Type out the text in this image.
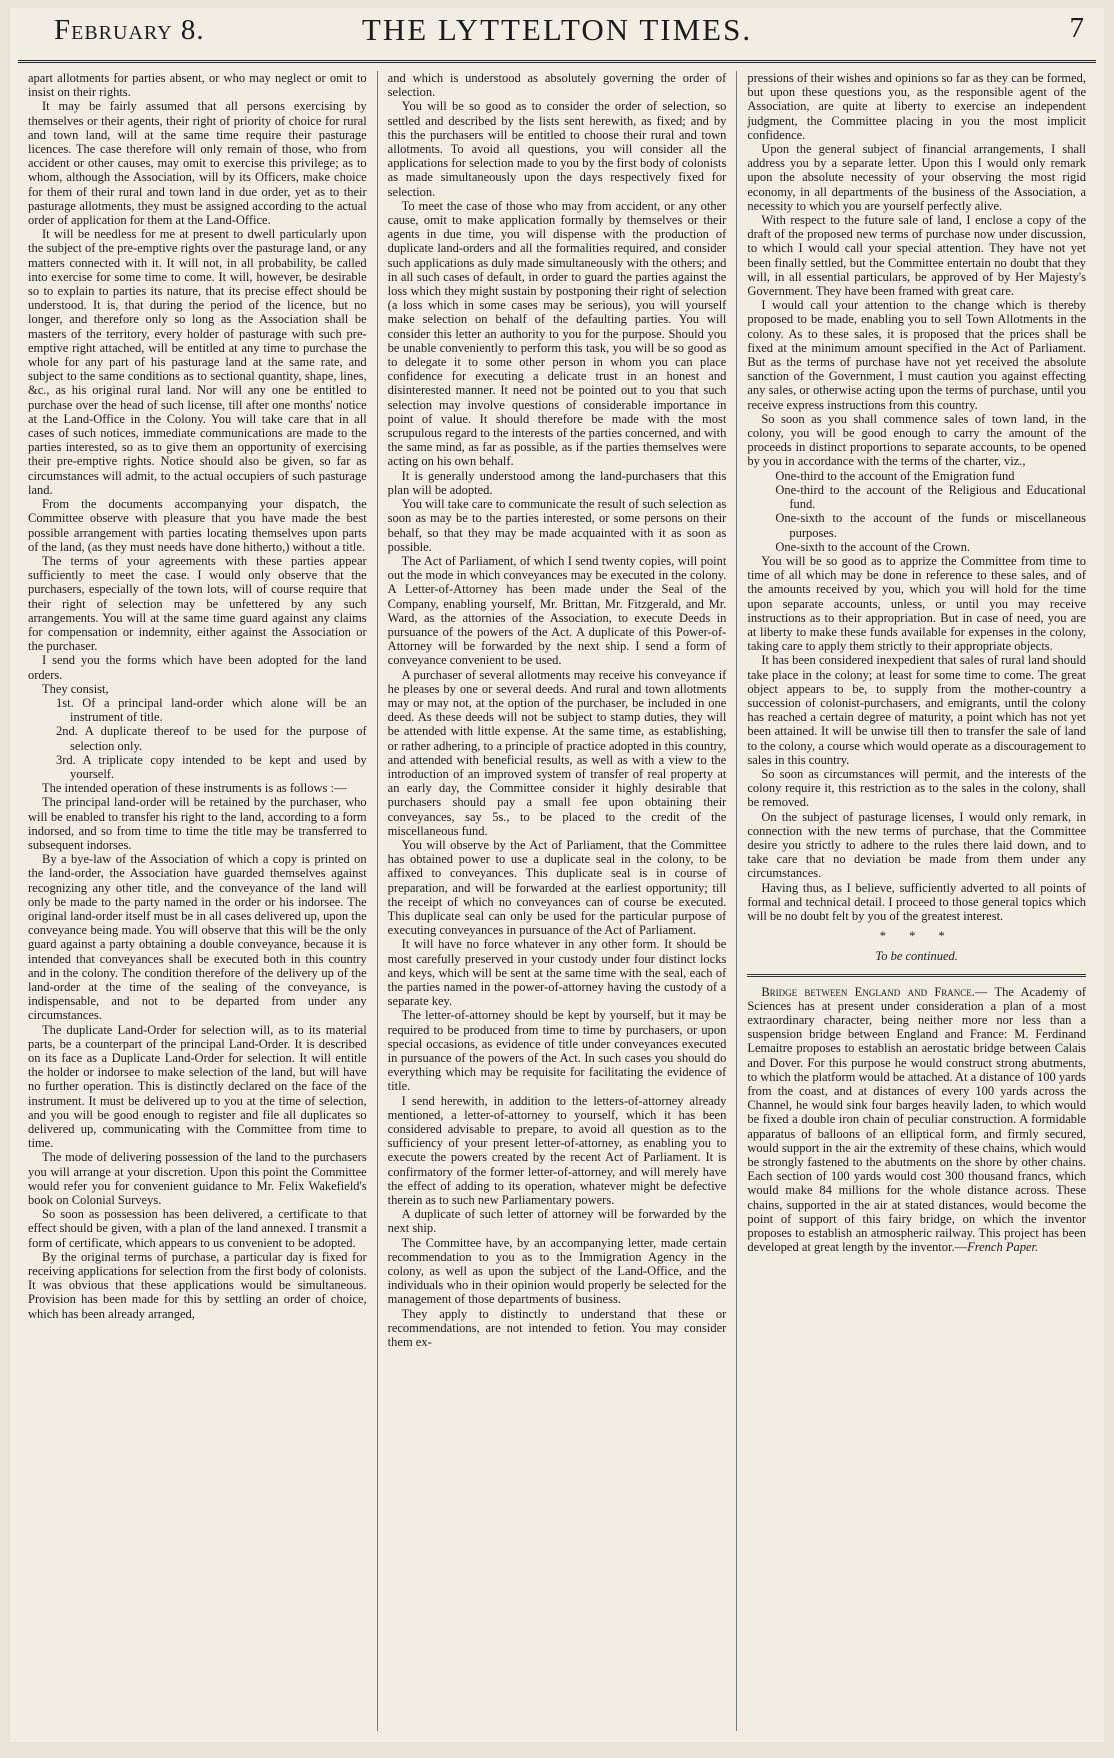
February 8.	THE LYTTELTON TIMES.	7

apart allotments for parties absent, or who may neglect or omit to insist on their rights.

It may be fairly assumed that all persons exercising by themselves or their agents, their right of priority of choice for rural and town land, will at the same time require their pasturage licences. The case therefore will only remain of those, who from accident or other causes, may omit to exercise this privilege; as to whom, although the Association, will by its Officers, make choice for them of their rural and town land in due order, yet as to their pasturage allotments, they must be assigned according to the actual order of application for them at the Land-Office.

It will be needless for me at present to dwell particularly upon the subject of the pre-emptive rights over the pasturage land, or any matters connected with it. It will not, in all probability, be called into exercise for some time to come. It will, however, be desirable so to explain to parties its nature, that its precise effect should be understood. It is, that during the period of the licence, but no longer, and therefore only so long as the Association shall be masters of the territory, every holder of pasturage with such pre-emptive right attached, will be entitled at any time to purchase the whole for any part of his pasturage land at the same rate, and subject to the same conditions as to sectional quantity, shape, lines, &c., as his original rural land. Nor will any one be entitled to purchase over the head of such license, till after one months' notice at the Land-Office in the Colony. You will take care that in all cases of such notices, immediate communications are made to the parties interested, so as to give them an opportunity of exercising their pre-emptive rights. Notice should also be given, so far as circumstances will admit, to the actual occupiers of such pasturage land.

From the documents accompanying your dispatch, the Committee observe with pleasure that you have made the best possible arrangement with parties locating themselves upon parts of the land, (as they must needs have done hitherto,) without a title.

The terms of your agreements with these parties appear sufficiently to meet the case. I would only observe that the purchasers, especially of the town lots, will of course require that their right of selection may be unfettered by any such arrangements. You will at the same time guard against any claims for compensation or indemnity, either against the Association or the purchaser.

I send you the forms which have been adopted for the land orders.

They consist,

1st. Of a principal land-order which alone will be an instrument of title.

2nd. A duplicate thereof to be used for the purpose of selection only.

3rd. A triplicate copy intended to be kept and used by yourself.

The intended operation of these instruments is as follows :—

The principal land-order will be retained by the purchaser, who will be enabled to transfer his right to the land, according to a form indorsed, and so from time to time the title may be transferred to subsequent indorses.

By a bye-law of the Association of which a copy is printed on the land-order, the Association have guarded themselves against recognizing any other title, and the conveyance of the land will only be made to the party named in the order or his indorsee. The original land-order itself must be in all cases delivered up, upon the conveyance being made. You will observe that this will be the only guard against a party obtaining a double conveyance, because it is intended that conveyances shall be executed both in this country and in the colony. The condition therefore of the delivery up of the land-order at the time of the sealing of the conveyance, is indispensable, and not to be departed from under any circumstances.

The duplicate Land-Order for selection will, as to its material parts, be a counterpart of the principal Land-Order. It is described on its face as a Duplicate Land-Order for selection. It will entitle the holder or indorsee to make selection of the land, but will have no further operation. This is distinctly declared on the face of the instrument. It must be delivered up to you at the time of selection, and you will be good enough to register and file all duplicates so delivered up, communicating with the Committee from time to time.

The mode of delivering possession of the land to the purchasers you will arrange at your discretion. Upon this point the Committee would refer you for convenient guidance to Mr. Felix Wakefield's book on Colonial Surveys.

So soon as possession has been delivered, a certificate to that effect should be given, with a plan of the land annexed. I transmit a form of certificate, which appears to us convenient to be adopted.

By the original terms of purchase, a particular day is fixed for receiving applications for selection from the first body of colonists. It was obvious that these applications would be simultaneous. Provision has been made for this by settling an order of choice, which has been already arranged,

and which is understood as absolutely governing the order of selection.

You will be so good as to consider the order of selection, so settled and described by the lists sent herewith, as fixed; and by this the purchasers will be entitled to choose their rural and town allotments. To avoid all questions, you will consider all the applications for selection made to you by the first body of colonists as made simultaneously upon the days respectively fixed for selection.

To meet the case of those who may from accident, or any other cause, omit to make application formally by themselves or their agents in due time, you will dispense with the production of duplicate land-orders and all the formalities required, and consider such applications as duly made simultaneously with the others; and in all such cases of default, in order to guard the parties against the loss which they might sustain by postponing their right of selection (a loss which in some cases may be serious), you will yourself make selection on behalf of the defaulting parties. You will consider this letter an authority to you for the purpose. Should you be unable conveniently to perform this task, you will be so good as to delegate it to some other person in whom you can place confidence for executing a delicate trust in an honest and disinterested manner. It need not be pointed out to you that such selection may involve questions of considerable importance in point of value. It should therefore be made with the most scrupulous regard to the interests of the parties concerned, and with the same mind, as far as possible, as if the parties themselves were acting on his own behalf.

It is generally understood among the land-purchasers that this plan will be adopted.

You will take care to communicate the result of such selection as soon as may be to the parties interested, or some persons on their behalf, so that they may be made acquainted with it as soon as possible.

The Act of Parliament, of which I send twenty copies, will point out the mode in which conveyances may be executed in the colony. A Letter-of-Attorney has been made under the Seal of the Company, enabling yourself, Mr. Brittan, Mr. Fitzgerald, and Mr. Ward, as the attornies of the Association, to execute Deeds in pursuance of the powers of the Act. A duplicate of this Power-of-Attorney will be forwarded by the next ship. I send a form of conveyance convenient to be used.

A purchaser of several allotments may receive his conveyance if he pleases by one or several deeds. And rural and town allotments may or may not, at the option of the purchaser, be included in one deed. As these deeds will not be subject to stamp duties, they will be attended with little expense. At the same time, as establishing, or rather adhering, to a principle of practice adopted in this country, and attended with beneficial results, as well as with a view to the introduction of an improved system of transfer of real property at an early day, the Committee consider it highly desirable that purchasers should pay a small fee upon obtaining their conveyances, say 5s., to be placed to the credit of the miscellaneous fund.

You will observe by the Act of Parliament, that the Committee has obtained power to use a duplicate seal in the colony, to be affixed to conveyances. This duplicate seal is in course of preparation, and will be forwarded at the earliest opportunity; till the receipt of which no conveyances can of course be executed. This duplicate seal can only be used for the particular purpose of executing conveyances in pursuance of the Act of Parliament.

It will have no force whatever in any other form. It should be most carefully preserved in your custody under four distinct locks and keys, which will be sent at the same time with the seal, each of the parties named in the power-of-attorney having the custody of a separate key.

The letter-of-attorney should be kept by yourself, but it may be required to be produced from time to time by purchasers, or upon special occasions, as evidence of title under conveyances executed in pursuance of the powers of the Act. In such cases you should do everything which may be requisite for facilitating the evidence of title.

I send herewith, in addition to the letters-of-attorney already mentioned, a letter-of-attorney to yourself, which it has been considered advisable to prepare, to avoid all question as to the sufficiency of your present letter-of-attorney, as enabling you to execute the powers created by the recent Act of Parliament. It is confirmatory of the former letter-of-attorney, and will merely have the effect of adding to its operation, whatever might be defective therein as to such new Parliamentary powers.

A duplicate of such letter of attorney will be forwarded by the next ship.

The Committee have, by an accompanying letter, made certain recommendation to you as to the Immigration Agency in the colony, as well as upon the subject of the Land-Office, and the individuals who in their opinion would properly be selected for the management of those departments of business.

They apply to distinctly to understand that these or recommendations, are not intended to fetion. You may consider them ex-

pressions of their wishes and opinions so far as they can be formed, but upon these questions you, as the responsible agent of the Association, are quite at liberty to exercise an independent judgment, the Committee placing in you the most implicit confidence.

Upon the general subject of financial arrangements, I shall address you by a separate letter. Upon this I would only remark upon the absolute necessity of your observing the most rigid economy, in all departments of the business of the Association, a necessity to which you are yourself perfectly alive.

With respect to the future sale of land, I enclose a copy of the draft of the proposed new terms of purchase now under discussion, to which I would call your special attention. They have not yet been finally settled, but the Committee entertain no doubt that they will, in all essential particulars, be approved of by Her Majesty's Government. They have been framed with great care.

I would call your attention to the change which is thereby proposed to be made, enabling you to sell Town Allotments in the colony. As to these sales, it is proposed that the prices shall be fixed at the minimum amount specified in the Act of Parliament. But as the terms of purchase have not yet received the absolute sanction of the Government, I must caution you against effecting any sales, or otherwise acting upon the terms of purchase, until you receive express instructions from this country.

So soon as you shall commence sales of town land, in the colony, you will be good enough to carry the amount of the proceeds in distinct proportions to separate accounts, to be opened by you in accordance with the terms of the charter, viz.,

One-third to the account of the Emigration fund

One-third to the account of the Religious and Educational fund.

One-sixth to the account of the funds or miscellaneous purposes.

One-sixth to the account of the Crown.

You will be so good as to apprize the Committee from time to time of all which may be done in reference to these sales, and of the amounts received by you, which you will hold for the time upon separate accounts, unless, or until you may receive instructions as to their appropriation. But in case of need, you are at liberty to make these funds available for expenses in the colony, taking care to apply them strictly to their appropriate objects.

It has been considered inexpedient that sales of rural land should take place in the colony; at least for some time to come. The great object appears to be, to supply from the mother-country a succession of colonist-purchasers, and emigrants, until the colony has reached a certain degree of maturity, a point which has not yet been attained. It will be unwise till then to transfer the sale of land to the colony, a course which would operate as a discouragement to sales in this country.

So soon as circumstances will permit, and the interests of the colony require it, this restriction as to the sales in the colony, shall be removed.

On the subject of pasturage licenses, I would only remark, in connection with the new terms of purchase, that the Committee desire you strictly to adhere to the rules there laid down, and to take care that no deviation be made from them under any circumstances.

Having thus, as I believe, sufficiently adverted to all points of formal and technical detail. I proceed to those general topics which will be no doubt felt by you of the greatest interest.

* * *

To be continued.

Bridge between England and France.— The Academy of Sciences has at present under consideration a plan of a most extraordinary character, being neither more nor less than a suspension bridge between England and France: M. Ferdinand Lemaitre proposes to establish an aerostatic bridge between Calais and Dover. For this purpose he would construct strong abutments, to which the platform would be attached. At a distance of 100 yards from the coast, and at distances of every 100 yards across the Channel, he would sink four barges heavily laden, to which would be fixed a double iron chain of peculiar construction. A formidable apparatus of balloons of an elliptical form, and firmly secured, would support in the air the extremity of these chains, which would be strongly fastened to the abutments on the shore by other chains. Each section of 100 yards would cost 300 thousand francs, which would make 84 millions for the whole distance across. These chains, supported in the air at stated distances, would become the point of support of this fairy bridge, on which the inventor proposes to establish an atmospheric railway. This project has been developed at great length by the inventor.—French Paper.
